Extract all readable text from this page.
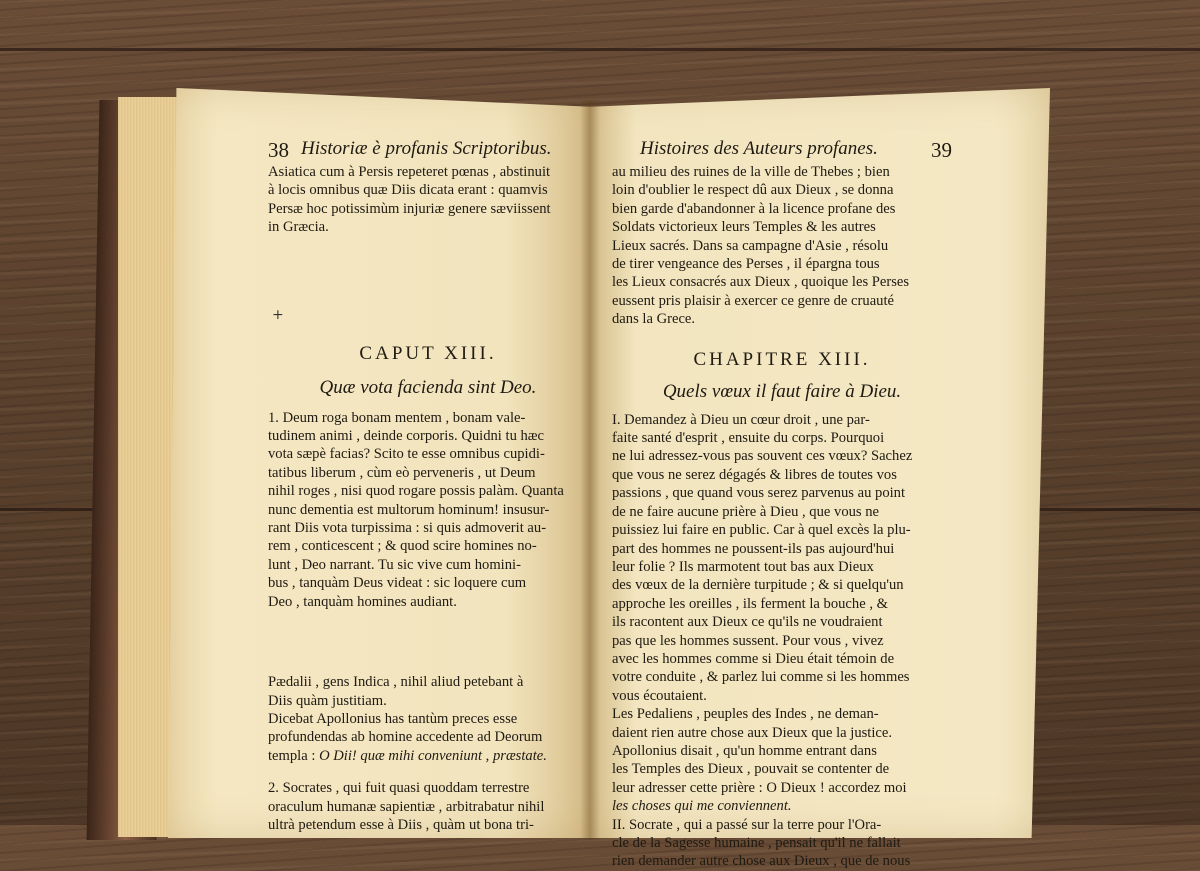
+
38 Historiæ è profanis Scriptoribus.
Asiatica cum à Persis repeteret pœnas , abstinuit
à locis omnibus quæ Diis dicata erant : quamvis
Persæ hoc potissimùm injuriæ genere sæviissent
in Græcia.
CAPUT XIII.
Quæ vota facienda sint Deo.
1. Deum roga bonam mentem , bonam vale-
tudinem animi , deinde corporis. Quidni tu hæc
vota sæpè facias? Scito te esse omnibus cupidi-
tatibus liberum , cùm eò perveneris , ut Deum
nihil roges , nisi quod rogare possis palàm. Quanta
nunc dementia est multorum hominum! insusur-
rant Diis vota turpissima : si quis admoverit au-
rem , conticescent ; & quod scire homines no-
lunt , Deo narrant. Tu sic vive cum homini-
bus , tanquàm Deus videat : sic loquere cum
Deo , tanquàm homines audiant.
Pædalii , gens Indica , nihil aliud petebant à
Diis quàm justitiam.
Dicebat Apollonius has tantùm preces esse
profundendas ab homine accedente ad Deorum
templa : O Dii! quæ mihi conveniunt , præstate.
2. Socrates , qui fuit quasi quoddam terrestre
oraculum humanæ sapientiæ , arbitrabatur nihil
ultrà petendum esse à Diis , quàm ut bona tri-
Histoires des Auteurs profanes.	39
au milieu des ruines de la ville de Thebes ; bien
loin d'oublier le respect dû aux Dieux , se donna
bien garde d'abandonner à la licence profane des
Soldats victorieux leurs Temples & les autres
Lieux sacrés. Dans sa campagne d'Asie , résolu
de tirer vengeance des Perses , il épargna tous
les Lieux consacrés aux Dieux , quoique les Perses
eussent pris plaisir à exercer ce genre de cruauté
dans la Grece.
CHAPITRE XIII.
Quels vœux il faut faire à Dieu.
I. Demandez à Dieu un cœur droit , une par-
faite santé d'esprit , ensuite du corps. Pourquoi
ne lui adressez-vous pas souvent ces vœux? Sachez
que vous ne serez dégagés & libres de toutes vos
passions , que quand vous serez parvenus au point
de ne faire aucune prière à Dieu , que vous ne
puissiez lui faire en public. Car à quel excès la plu-
part des hommes ne poussent-ils pas aujourd'hui
leur folie ? Ils marmotent tout bas aux Dieux
des vœux de la dernière turpitude ; & si quelqu'un
approche les oreilles , ils ferment la bouche , &
ils racontent aux Dieux ce qu'ils ne voudraient
pas que les hommes sussent. Pour vous , vivez
avec les hommes comme si Dieu était témoin de
votre conduite , & parlez lui comme si les hommes
vous écoutaient.
Les Pedaliens , peuples des Indes , ne deman-
daient rien autre chose aux Dieux que la justice.
Apollonius disait , qu'un homme entrant dans
les Temples des Dieux , pouvait se contenter de
leur adresser cette prière : O Dieux ! accordez moi
les choses qui me conviennent.
II. Socrate , qui a passé sur la terre pour l'Ora-
cle de la Sagesse humaine , pensait qu'il ne fallait
rien demander autre chose aux Dieux , que de nous
